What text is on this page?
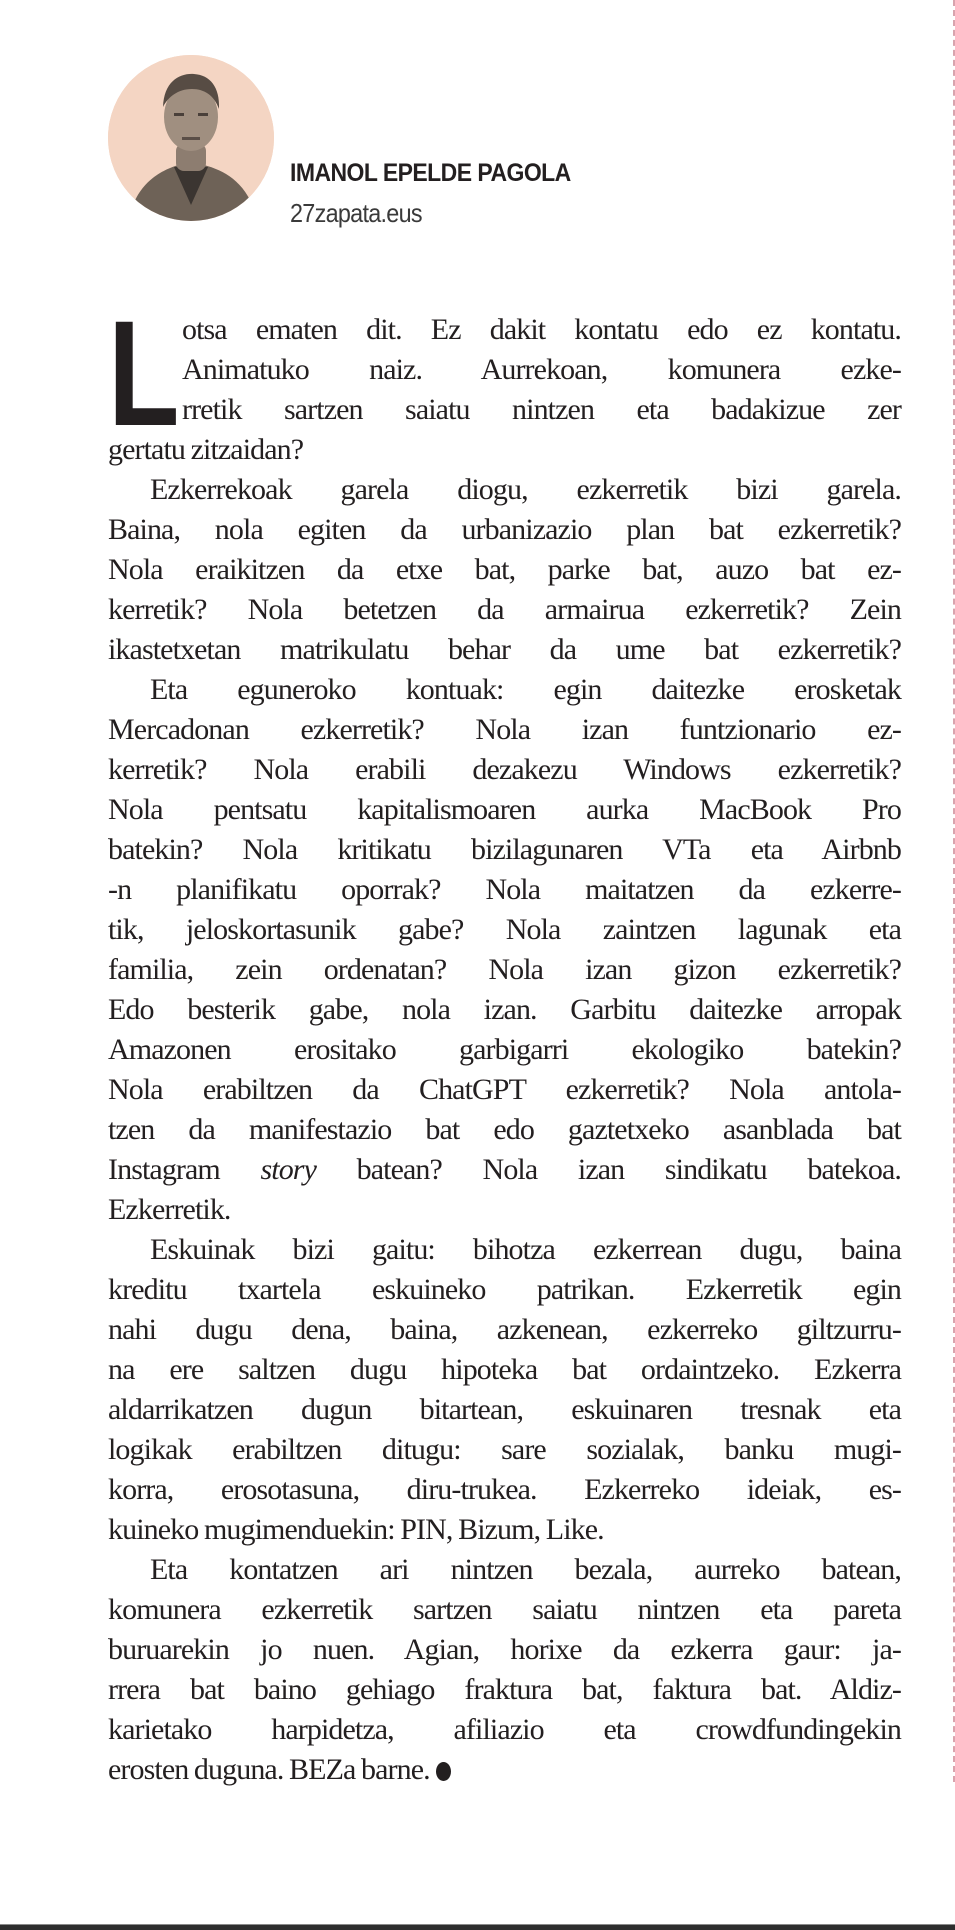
IMANOL EPELDE PAGOLA
27zapata.eus
L otsa ematen dit. Ez dakit kontatu edo ez kontatu.
Animatuko naiz. Aurrekoan, komunera ezke-
rretik sartzen saiatu nintzen eta badakizue zer
gertatu zitzaidan?
Ezkerrekoak garela diogu, ezkerretik bizi garela.
Baina, nola egiten da urbanizazio plan bat ezkerretik?
Nola eraikitzen da etxe bat, parke bat, auzo bat ez-
kerretik? Nola betetzen da armairua ezkerretik? Zein
ikastetxetan matrikulatu behar da ume bat ezkerretik?
Eta eguneroko kontuak: egin daitezke erosketak
Mercadonan ezkerretik? Nola izan funtzionario ez-
kerretik? Nola erabili dezakezu Windows ezkerretik?
Nola pentsatu kapitalismoaren aurka MacBook Pro
batekin? Nola kritikatu bizilagunaren VTa eta Airbnb
-n planifikatu oporrak? Nola maitatzen da ezkerre-
tik, jeloskortasunik gabe? Nola zaintzen lagunak eta
familia, zein ordenatan? Nola izan gizon ezkerretik?
Edo besterik gabe, nola izan. Garbitu daitezke arropak
Amazonen erositako garbigarri ekologiko batekin?
Nola erabiltzen da ChatGPT ezkerretik? Nola antola-
tzen da manifestazio bat edo gaztetxeko asanblada bat
Instagram story batean? Nola izan sindikatu batekoa.
Ezkerretik.
Eskuinak bizi gaitu: bihotza ezkerrean dugu, baina
kreditu txartela eskuineko patrikan. Ezkerretik egin
nahi dugu dena, baina, azkenean, ezkerreko giltzurru-
na ere saltzen dugu hipoteka bat ordaintzeko. Ezkerra
aldarrikatzen dugun bitartean, eskuinaren tresnak eta
logikak erabiltzen ditugu: sare sozialak, banku mugi-
korra, erosotasuna, diru-trukea. Ezkerreko ideiak, es-
kuineko mugimenduekin: PIN, Bizum, Like.
Eta kontatzen ari nintzen bezala, aurreko batean,
komunera ezkerretik sartzen saiatu nintzen eta pareta
buruarekin jo nuen. Agian, horixe da ezkerra gaur: ja-
rrera bat baino gehiago fraktura bat, faktura bat. Aldiz-
karietako harpidetza, afiliazio eta crowdfundingekin
erosten duguna. BEZa barne.
